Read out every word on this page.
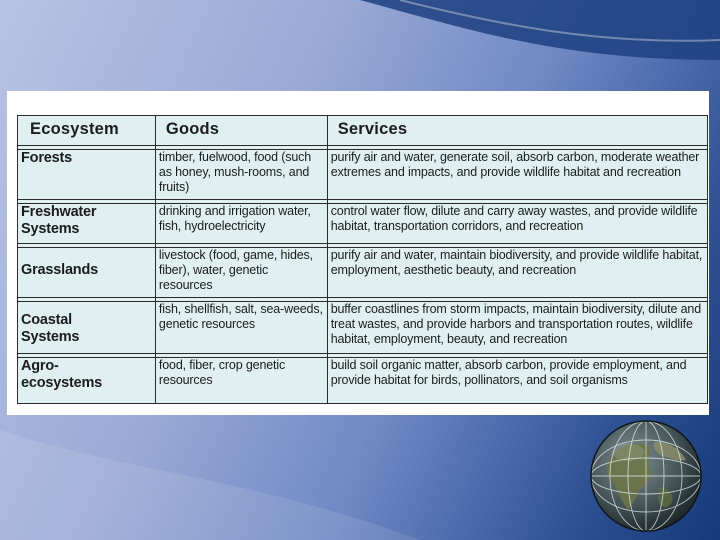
Ecosystem	Goods	Services

Forests	timber, fuelwood, food (such as honey, mush-rooms, and fruits)	purify air and water, generate soil, absorb carbon, moderate weather extremes and impacts, and provide wildlife habitat and recreation

Freshwater
Systems	drinking and irrigation water, fish, hydroelectricity	control water flow, dilute and carry away wastes, and provide wildlife habitat, transportation corridors, and recreation

Grasslands	livestock (food, game, hides, fiber), water, genetic resources	purify air and water, maintain biodiversity, and provide wildlife habitat, employment, aesthetic beauty, and recreation

Coastal
Systems	fish, shellfish, salt, sea-weeds, genetic resources	buffer coastlines from storm impacts, maintain biodiversity, dilute and treat wastes, and provide harbors and transportation routes, wildlife habitat, employment, beauty, and recreation

Agro-
ecosystems	food, fiber, crop genetic resources	build soil organic matter, absorb carbon, provide employment, and provide habitat for birds, pollinators, and soil organisms
